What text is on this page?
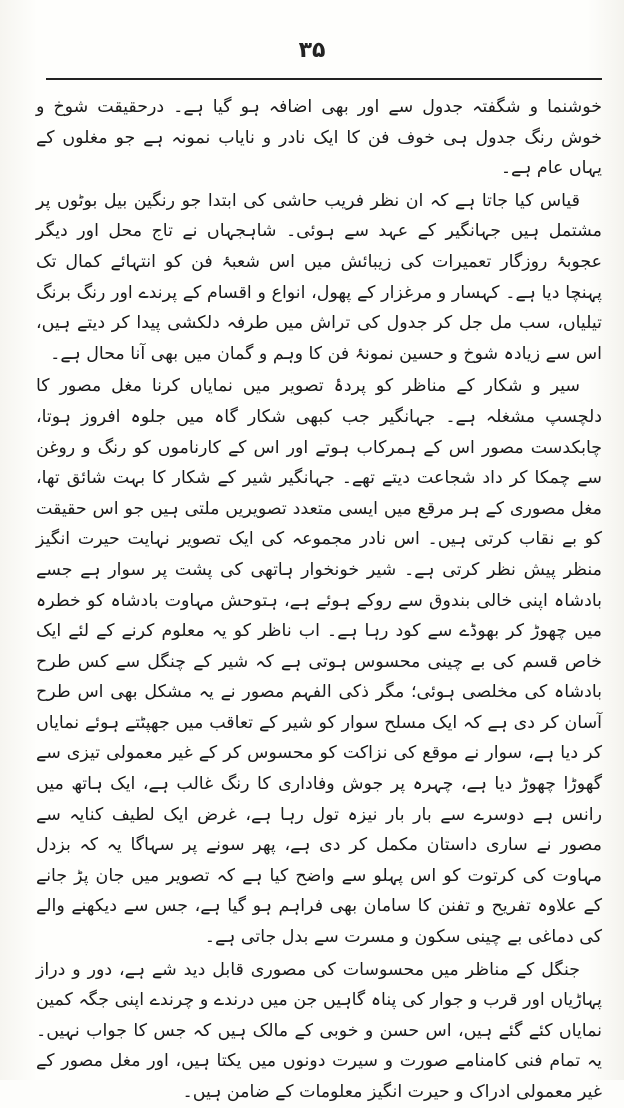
۳۵

خوشنما و شگفتہ جدول سے اور بھی اضافہ ہو گیا ہے۔ درحقیقت شوخ و خوش رنگ جدول ہی خوف فن کا ایک نادر و نایاب نمونہ ہے جو مغلوں کے یہاں عام ہے۔

قیاس کیا جاتا ہے کہ ان نظر فریب حاشی کی ابتدا جو رنگین بیل بوٹوں پر مشتمل ہیں جہانگیر کے عہد سے ہوئی۔ شاہجہاں نے تاج محل اور دیگر عجوبۂ روزگار تعمیرات کی زیبائش میں اس شعبۂ فن کو انتہائے کمال تک پہنچا دیا ہے۔ کہسار و مرغزار کے پھول، انواع و اقسام کے پرندے اور رنگ برنگ تیلیاں، سب مل جل کر جدول کی تراش میں طرفہ دلکشی پیدا کر دیتے ہیں، اس سے زیادہ شوخ و حسین نمونۂ فن کا وہم و گمان میں بھی آنا محال ہے۔

سیر و شکار کے مناظر کو پردۂ تصویر میں نمایاں کرنا مغل مصور کا دلچسپ مشغلہ ہے۔ جہانگیر جب کبھی شکار گاہ میں جلوہ افروز ہوتا، چابکدست مصور اس کے ہمرکاب ہوتے اور اس کے کارناموں کو رنگ و روغن سے چمکا کر داد شجاعت دیتے تھے۔ جہانگیر شیر کے شکار کا بہت شائق تھا، مغل مصوری کے ہر مرقع میں ایسی متعدد تصویریں ملتی ہیں جو اس حقیقت کو بے نقاب کرتی ہیں۔ اس نادر مجموعہ کی ایک تصویر نہایت حیرت انگیز منظر پیش نظر کرتی ہے۔ شیر خونخوار ہاتھی کی پشت پر سوار ہے جسے بادشاہ اپنی خالی بندوق سے روکے ہوئے ہے، ہتوحش مہاوت بادشاہ کو خطرہ میں چھوڑ کر بھوڈے سے کود رہا ہے۔ اب ناظر کو یہ معلوم کرنے کے لئے ایک خاص قسم کی بے چینی محسوس ہوتی ہے کہ شیر کے چنگل سے کس طرح بادشاہ کی مخلصی ہوئی؛ مگر ذکی الفہم مصور نے یہ مشکل بھی اس طرح آسان کر دی ہے کہ ایک مسلح سوار کو شیر کے تعاقب میں جھپٹتے ہوئے نمایاں کر دیا ہے، سوار نے موقع کی نزاکت کو محسوس کر کے غیر معمولی تیزی سے گھوڑا چھوڑ دیا ہے، چہرہ پر جوش وفاداری کا رنگ غالب ہے، ایک ہاتھ میں رانس ہے دوسرے سے بار بار نیزہ تول رہا ہے، غرض ایک لطیف کنایہ سے مصور نے ساری داستان مکمل کر دی ہے، پھر سونے پر سہاگا یہ کہ بزدل مہاوت کی کرتوت کو اس پہلو سے واضح کیا ہے کہ تصویر میں جان پڑ جانے کے علاوہ تفریح و تفنن کا سامان بھی فراہم ہو گیا ہے، جس سے دیکھنے والے کی دماغی بے چینی سکون و مسرت سے بدل جاتی ہے۔

جنگل کے مناظر میں محسوسات کی مصوری قابل دید شے ہے، دور و دراز پہاڑیاں اور قرب و جوار کی پناہ گاہیں جن میں درندے و چرندے اپنی جگہ کمین نمایاں کئے گئے ہیں، اس حسن و خوبی کے مالک ہیں کہ جس کا جواب نہیں۔ یہ تمام فنی کامنامے صورت و سیرت دونوں میں یکتا ہیں، اور مغل مصور کے غیر معمولی ادراک و حیرت انگیز معلومات کے ضامن ہیں۔
